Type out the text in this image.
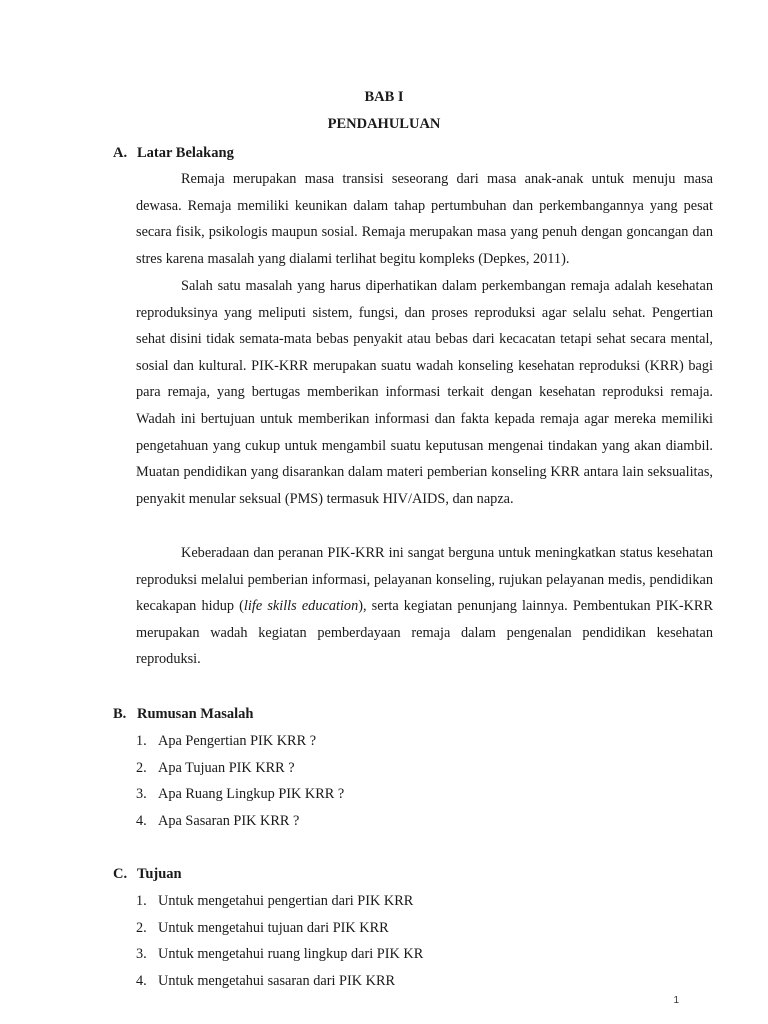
BAB I
PENDAHULUAN
A. Latar Belakang

Remaja merupakan masa transisi seseorang dari masa anak-anak untuk menuju masa dewasa. Remaja memiliki keunikan dalam tahap pertumbuhan dan perkembangannya yang pesat secara fisik, psikologis maupun sosial. Remaja merupakan masa yang penuh dengan goncangan dan stres karena masalah yang dialami terlihat begitu kompleks (Depkes, 2011).

Salah satu masalah yang harus diperhatikan dalam perkembangan remaja adalah kesehatan reproduksinya yang meliputi sistem, fungsi, dan proses reproduksi agar selalu sehat. Pengertian sehat disini tidak semata-mata bebas penyakit atau bebas dari kecacatan tetapi sehat secara mental, sosial dan kultural. PIK-KRR merupakan suatu wadah konseling kesehatan reproduksi (KRR) bagi para remaja, yang bertugas memberikan informasi terkait dengan kesehatan reproduksi remaja. Wadah ini bertujuan untuk memberikan informasi dan fakta kepada remaja agar mereka memiliki pengetahuan yang cukup untuk mengambil suatu keputusan mengenai tindakan yang akan diambil. Muatan pendidikan yang disarankan dalam materi pemberian konseling KRR antara lain seksualitas, penyakit menular seksual (PMS) termasuk HIV/AIDS, dan napza.

Keberadaan dan peranan PIK-KRR ini sangat berguna untuk meningkatkan status kesehatan reproduksi melalui pemberian informasi, pelayanan konseling, rujukan pelayanan medis, pendidikan kecakapan hidup (life skills education), serta kegiatan penunjang lainnya. Pembentukan PIK-KRR merupakan wadah kegiatan pemberdayaan remaja dalam pengenalan pendidikan kesehatan reproduksi.

B. Rumusan Masalah
1. Apa Pengertian PIK KRR ?
2. Apa Tujuan PIK KRR ?
3. Apa Ruang Lingkup PIK KRR ?
4. Apa Sasaran PIK KRR ?
C. Tujuan
1. Untuk mengetahui pengertian dari PIK KRR
2. Untuk mengetahui tujuan dari PIK KRR
3. Untuk mengetahui ruang lingkup dari PIK KR
4. Untuk mengetahui sasaran dari PIK KRR
1
